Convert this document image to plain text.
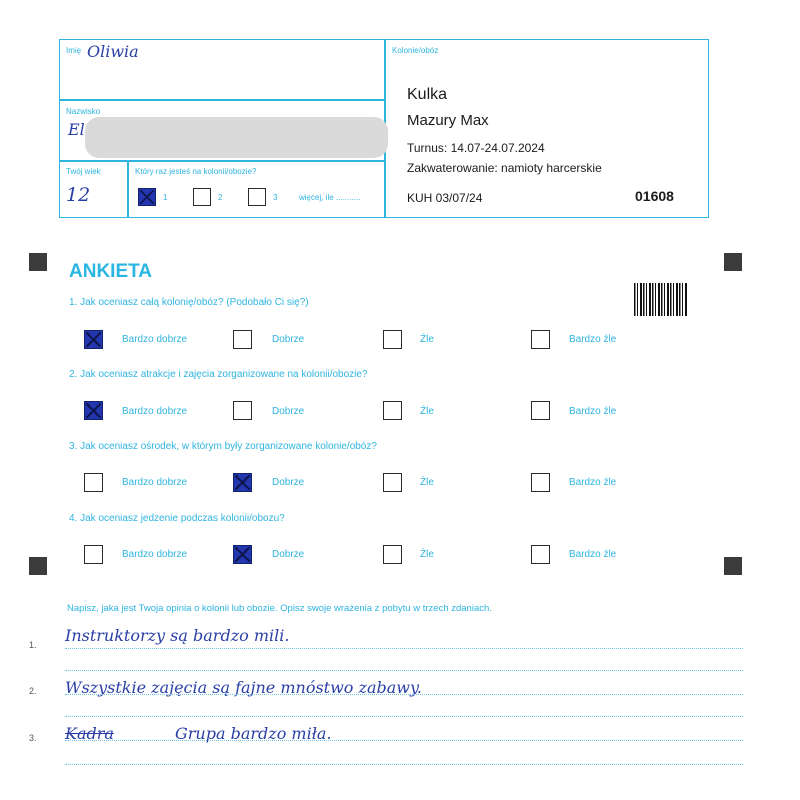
Imię Oliwia
Nazwisko
El
Twój wiek
12
Który raz jesteś na kolonii/obozie?
1	2	3	więcej, ile ...........
Kolonie/obóz
Kulka
Mazury Max
Turnus: 14.07-24.07.2024
Zakwaterowanie: namioty harcerskie
KUH 03/07/24	01608
ANKIETA
1. Jak oceniasz całą kolonię/obóz? (Podobało Ci się?)
Bardzo dobrze	Dobrze	Źle	Bardzo źle
2. Jak oceniasz atrakcje i zajęcia zorganizowane na kolonii/obozie?
Bardzo dobrze	Dobrze	Źle	Bardzo źle
3. Jak oceniasz ośrodek, w którym były zorganizowane kolonie/obóz?
Bardzo dobrze	Dobrze	Źle	Bardzo źle
4. Jak oceniasz jedzenie podczas kolonii/obozu?
Bardzo dobrze	Dobrze	Źle	Bardzo źle
Napisz, jaka jest Twoja opinia o kolonii lub obozie. Opisz swoje wrażenia z pobytu w trzech zdaniach.
1. Instruktorzy są bardzo mili.
2. Wszystkie zajęcia są fajne mnóstwo zabawy.
3. Kadra	Grupa bardzo miła.
